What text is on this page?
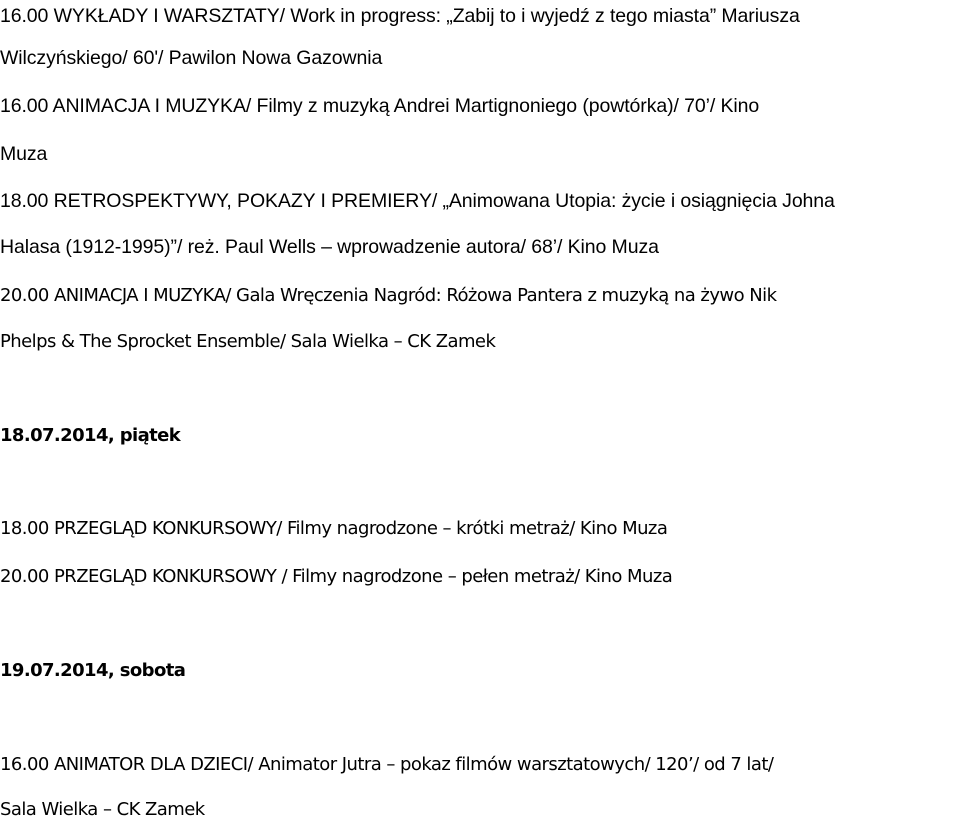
16.00 WYKŁADY I WARSZTATY/ Work in progress: „Zabij to i wyjedź z tego miasta” Mariusza
Wilczyńskiego/ 60'/ Pawilon Nowa Gazownia
16.00 ANIMACJA I MUZYKA/ Filmy z muzyką Andrei Martignoniego (powtórka)/ 70’/ Kino
Muza
18.00 RETROSPEKTYWY, POKAZY I PREMIERY/ „Animowana Utopia: życie i osiągnięcia Johna
Halasa (1912-1995)”/ reż. Paul Wells – wprowadzenie autora/ 68’/ Kino Muza
20.00 ANIMACJA I MUZYKA/ Gala Wręczenia Nagród: Różowa Pantera z muzyką na żywo Nik
Phelps & The Sprocket Ensemble/ Sala Wielka – CK Zamek
18.07.2014, piątek
18.00 PRZEGLĄD KONKURSOWY/ Filmy nagrodzone – krótki metraż/ Kino Muza
20.00 PRZEGLĄD KONKURSOWY / Filmy nagrodzone – pełen metraż/ Kino Muza
19.07.2014, sobota
16.00 ANIMATOR DLA DZIECI/ Animator Jutra – pokaz filmów warsztatowych/ 120’/ od 7 lat/
Sala Wielka – CK Zamek
